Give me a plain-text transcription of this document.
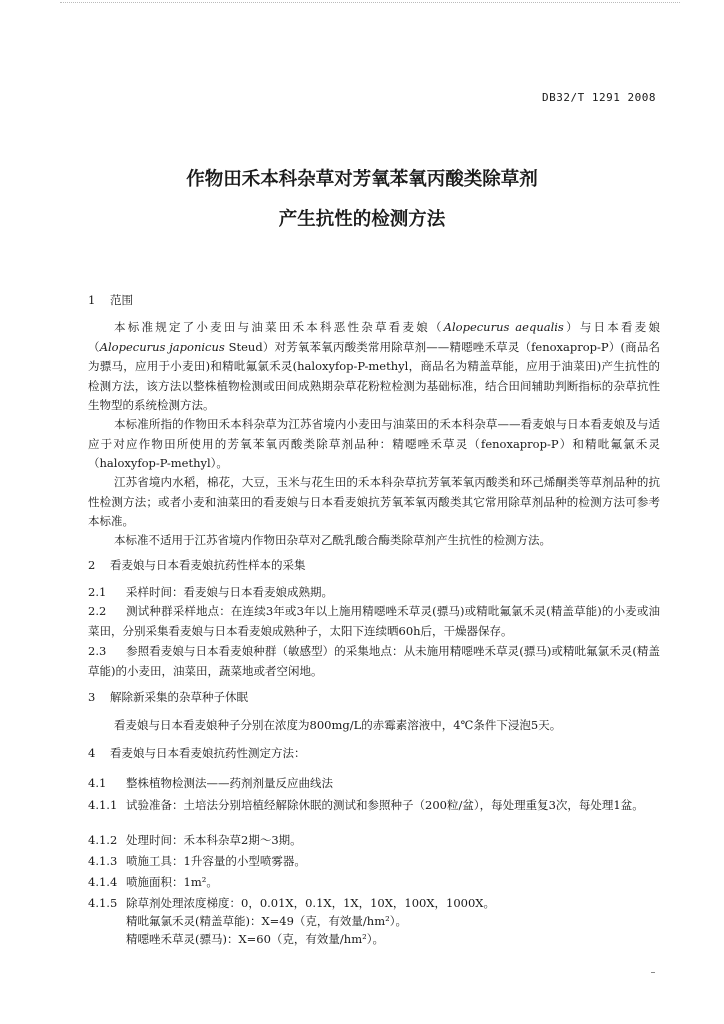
DB32/T 1291 2008
作物田禾本科杂草对芳氧苯氧丙酸类除草剂
产生抗性的检测方法
1 范围
本标准规定了小麦田与油菜田禾本科恶性杂草看麦娘（Alopecurus aequalis）与日本看麦娘（Alopecurus japonicus Steud）对芳氧苯氧丙酸类常用除草剂——精噁唑禾草灵（fenoxaprop-P）(商品名为骠马，应用于小麦田)和精吡氟氯禾灵(haloxyfop-P-methyl，商品名为精盖草能，应用于油菜田)产生抗性的检测方法，该方法以整株植物检测或田间成熟期杂草花粉粒检测为基础标准，结合田间辅助判断指标的杂草抗性生物型的系统检测方法。
本标准所指的作物田禾本科杂草为江苏省境内小麦田与油菜田的禾本科杂草——看麦娘与日本看麦娘及与适应于对应作物田所使用的芳氧苯氧丙酸类除草剂品种：精噁唑禾草灵（fenoxaprop-P）和精吡氟氯禾灵（haloxyfop-P-methyl）。
江苏省境内水稻，棉花，大豆，玉米与花生田的禾本科杂草抗芳氧苯氧丙酸类和环己烯酮类等草剂品种的抗性检测方法；或者小麦和油菜田的看麦娘与日本看麦娘抗芳氧苯氧丙酸类其它常用除草剂品种的检测方法可参考本标准。
本标准不适用于江苏省境内作物田杂草对乙酰乳酸合酶类除草剂产生抗性的检测方法。
2 看麦娘与日本看麦娘抗药性样本的采集
2.1 采样时间：看麦娘与日本看麦娘成熟期。
2.2 测试种群采样地点：在连续3年或3年以上施用精噁唑禾草灵(骠马)或精吡氟氯禾灵(精盖草能)的小麦或油菜田，分别采集看麦娘与日本看麦娘成熟种子，太阳下连续晒60h后，干燥器保存。
2.3 参照看麦娘与日本看麦娘种群（敏感型）的采集地点：从未施用精噁唑禾草灵(骠马)或精吡氟氯禾灵(精盖草能)的小麦田，油菜田，蔬菜地或者空闲地。
3 解除新采集的杂草种子休眠
看麦娘与日本看麦娘种子分别在浓度为800mg/L的赤霉素溶液中，4℃条件下浸泡5天。
4 看麦娘与日本看麦娘抗药性测定方法：
4.1 整株植物检测法——药剂剂量反应曲线法
4.1.1 试验准备：土培法分别培植经解除休眠的测试和参照种子（200粒/盆），每处理重复3次，每处理1盆。
4.1.2 处理时间：禾本科杂草2期～3期。
4.1.3 喷施工具：1升容量的小型喷雾器。
4.1.4 喷施面积：1m²。
4.1.5 除草剂处理浓度梯度：0，0.01X，0.1X，1X，10X，100X，1000X。
精吡氟氯禾灵(精盖草能)：X=49（克，有效量/hm²）。
精噁唑禾草灵(骠马)：X=60（克，有效量/hm²）。
